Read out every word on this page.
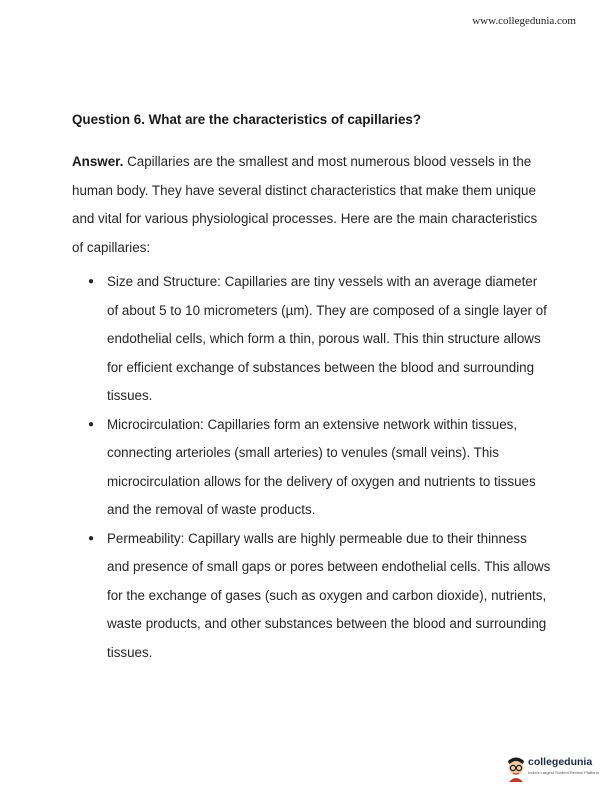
www.collegedunia.com
Question 6. What are the characteristics of capillaries?
Answer. Capillaries are the smallest and most numerous blood vessels in the human body. They have several distinct characteristics that make them unique and vital for various physiological processes. Here are the main characteristics of capillaries:
● Size and Structure: Capillaries are tiny vessels with an average diameter of about 5 to 10 micrometers (µm). They are composed of a single layer of endothelial cells, which form a thin, porous wall. This thin structure allows for efficient exchange of substances between the blood and surrounding tissues.
● Microcirculation: Capillaries form an extensive network within tissues, connecting arterioles (small arteries) to venules (small veins). This microcirculation allows for the delivery of oxygen and nutrients to tissues and the removal of waste products.
● Permeability: Capillary walls are highly permeable due to their thinness and presence of small gaps or pores between endothelial cells. This allows for the exchange of gases (such as oxygen and carbon dioxide), nutrients, waste products, and other substances between the blood and surrounding tissues.
collegedunia
India's Largest Student Review Platform
